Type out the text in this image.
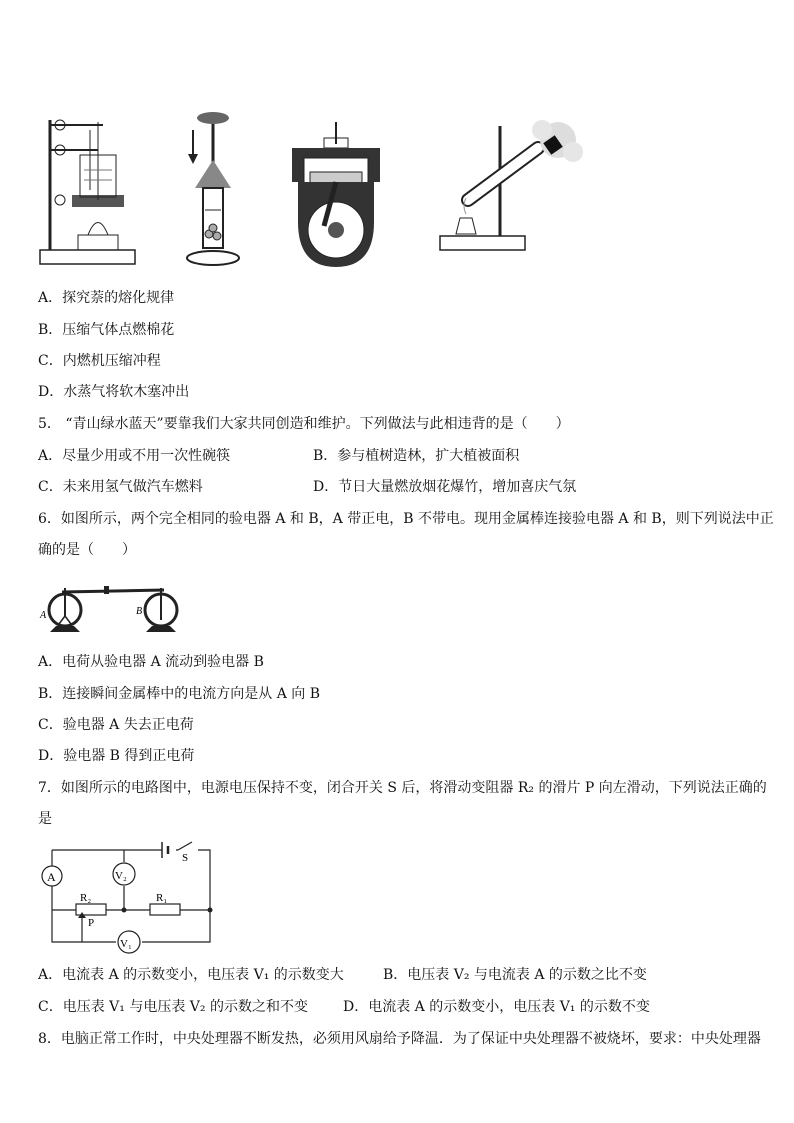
A．探究萘的熔化规律
B．压缩气体点燃棉花
C．内燃机压缩冲程
D．水蒸气将软木塞冲出
5． “青山绿水蓝天”要靠我们大家共同创造和维护。下列做法与此相违背的是（　　）
A．尽量少用或不用一次性碗筷	B．参与植树造林，扩大植被面积
C．未来用氢气做汽车燃料	D．节日大量燃放烟花爆竹，增加喜庆气氛
6．如图所示，两个完全相同的验电器 A 和 B，A 带正电，B 不带电。现用金属棒连接验电器 A 和 B，则下列说法中正
确的是（　　）
A	B
A．电荷从验电器 A 流动到验电器 B
B．连接瞬间金属棒中的电流方向是从 A 向 B
C．验电器 A 失去正电荷
D．验电器 B 得到正电荷
7．如图所示的电路图中，电源电压保持不变，闭合开关 S 后，将滑动变阻器 R₂ 的滑片 P 向左滑动，下列说法正确的
是
A	V₂
V₁
R₂	R₁
P
S
A．电流表 A 的示数变小，电压表 V₁ 的示数变大	B．电压表 V₂ 与电流表 A 的示数之比不变
C．电压表 V₁ 与电压表 V₂ 的示数之和不变	D．电流表 A 的示数变小，电压表 V₁ 的示数不变
8．电脑正常工作时，中央处理器不断发热，必须用风扇给予降温．为了保证中央处理器不被烧坏，要求：中央处理器
